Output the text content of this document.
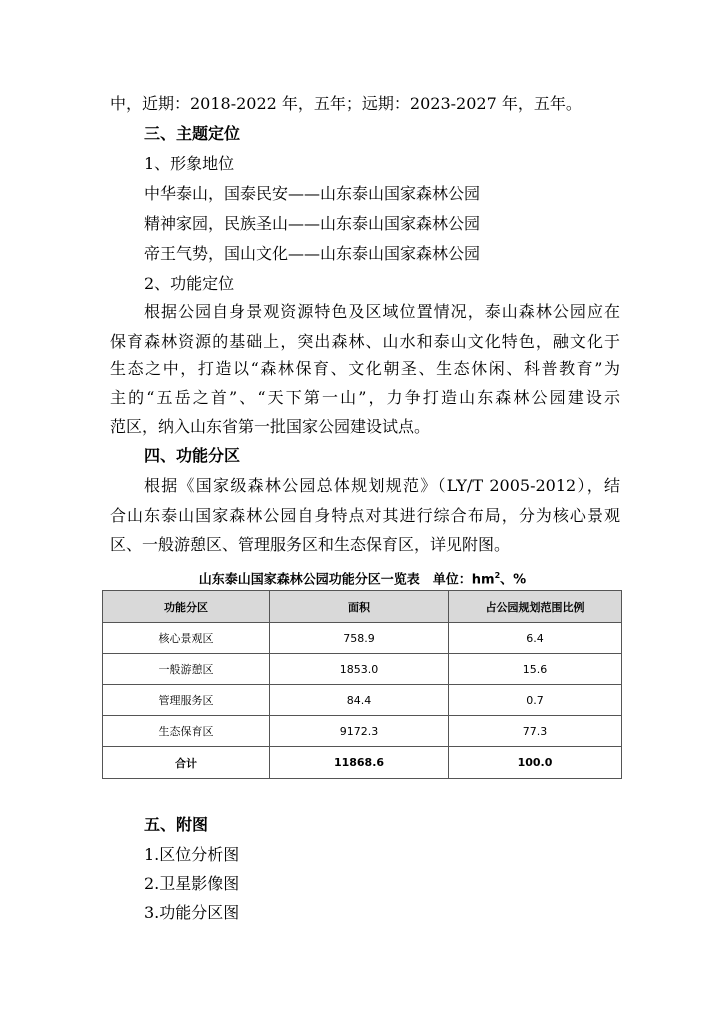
中，近期：2018-2022 年，五年；远期：2023-2027 年，五年。
三、主题定位
1、形象地位
中华泰山，国泰民安——山东泰山国家森林公园
精神家园，民族圣山——山东泰山国家森林公园
帝王气势，国山文化——山东泰山国家森林公园
2、功能定位
根据公园自身景观资源特色及区域位置情况，泰山森林公园应在
保育森林资源的基础上，突出森林、山水和泰山文化特色，融文化于
生态之中，打造以“森林保育、文化朝圣、生态休闲、科普教育”为
主的“五岳之首”、“天下第一山”，力争打造山东森林公园建设示
范区，纳入山东省第一批国家公园建设试点。
四、功能分区
根据《国家级森林公园总体规划规范》（LY/T 2005-2012），结
合山东泰山国家森林公园自身特点对其进行综合布局，分为核心景观
区、一般游憩区、管理服务区和生态保育区，详见附图。
山东泰山国家森林公园功能分区一览表　单位：$hm^2$、%
功能分区	面积	占公园规划范围比例
核心景观区	758.9	6.4
一般游憩区	1853.0	15.6
管理服务区	84.4	0.7
生态保育区	9172.3	77.3
合计	11868.6	100.0
五、附图
1.区位分析图
2.卫星影像图
3.功能分区图
